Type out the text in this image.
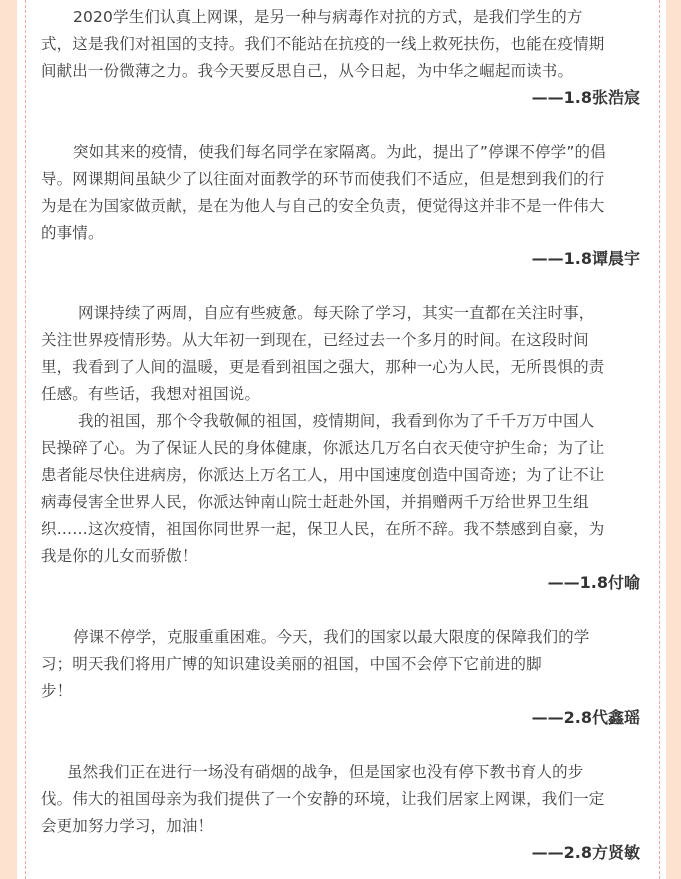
2020学生们认真上网课，是另一种与病毒作对抗的方式，是我们学生的方
式，这是我们对祖国的支持。我们不能站在抗疫的一线上救死扶伤，也能在疫情期
间献出一份微薄之力。我今天要反思自己，从今日起，为中华之崛起而读书。
——1.8张浩宸
突如其来的疫情，使我们每名同学在家隔离。为此，提出了”停课不停学”的倡
导。网课期间虽缺少了以往面对面教学的环节而使我们不适应，但是想到我们的行
为是在为国家做贡献，是在为他人与自己的安全负责，便觉得这并非不是一件伟大
的事情。
——1.8谭晨宇
网课持续了两周，自应有些疲惫。每天除了学习，其实一直都在关注时事，
关注世界疫情形势。从大年初一到现在，已经过去一个多月的时间。在这段时间
里，我看到了人间的温暖，更是看到祖国之强大，那种一心为人民，无所畏惧的责
任感。有些话，我想对祖国说。
我的祖国，那个令我敬佩的祖国，疫情期间，我看到你为了千千万万中国人
民操碎了心。为了保证人民的身体健康，你派达几万名白衣天使守护生命；为了让
患者能尽快住进病房，你派达上万名工人，用中国速度创造中国奇迹；为了让不让
病毒侵害全世界人民，你派达钟南山院士赶赴外国，并捐赠两千万给世界卫生组
织……这次疫情，祖国你同世界一起，保卫人民，在所不辞。我不禁感到自豪，为
我是你的儿女而骄傲！
——1.8付喻
停课不停学，克服重重困难。今天，我们的国家以最大限度的保障我们的学
习；明天我们将用广博的知识建设美丽的祖国，中国不会停下它前进的脚
步！
——2.8代鑫瑶
虽然我们正在进行一场没有硝烟的战争，但是国家也没有停下教书育人的步
伐。伟大的祖国母亲为我们提供了一个安静的环境，让我们居家上网课，我们一定
会更加努力学习，加油！
——2.8方贤敏
